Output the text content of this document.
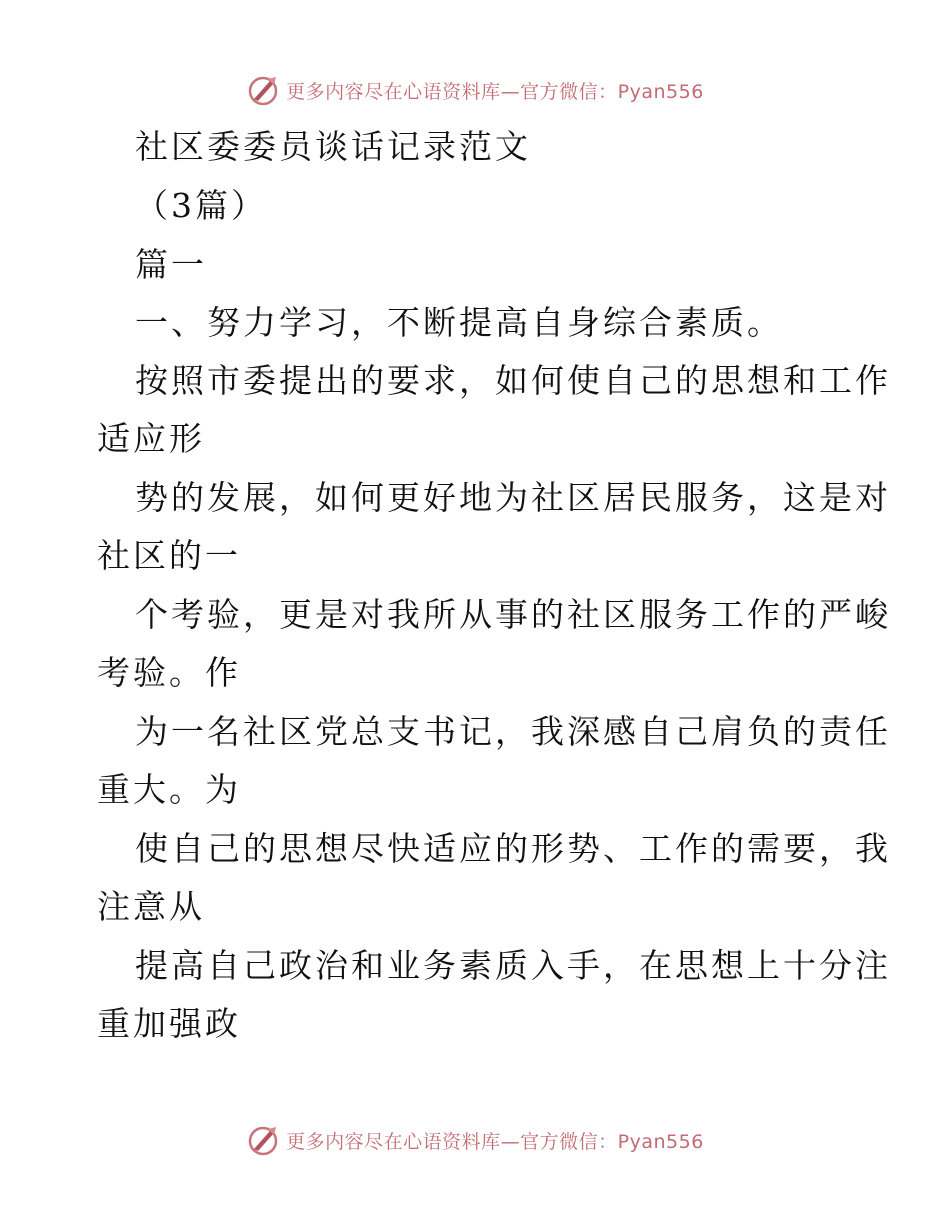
更多内容尽在心语资料库—官方微信：Pyan556
社区委委员谈话记录范文
（3篇）
篇一
一、努力学习，不断提高自身综合素质。
按照市委提出的要求，如何使自己的思想和工作
适应形
势的发展，如何更好地为社区居民服务，这是对
社区的一
个考验，更是对我所从事的社区服务工作的严峻
考验。作
为一名社区党总支书记，我深感自己肩负的责任
重大。为
使自己的思想尽快适应的形势、工作的需要，我
注意从
提高自己政治和业务素质入手，在思想上十分注
重加强政
更多内容尽在心语资料库—官方微信：Pyan556
